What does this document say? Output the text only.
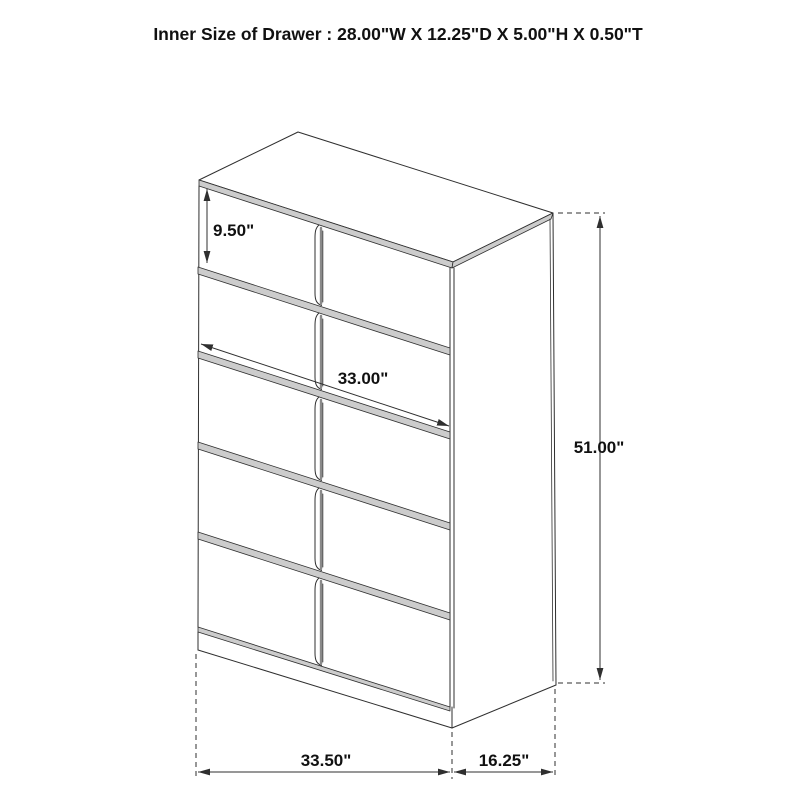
Inner Size of Drawer : 28.00"W X 12.25"D X 5.00"H X 0.50"T
9.50"
33.00"
51.00"
33.50"	16.25"
